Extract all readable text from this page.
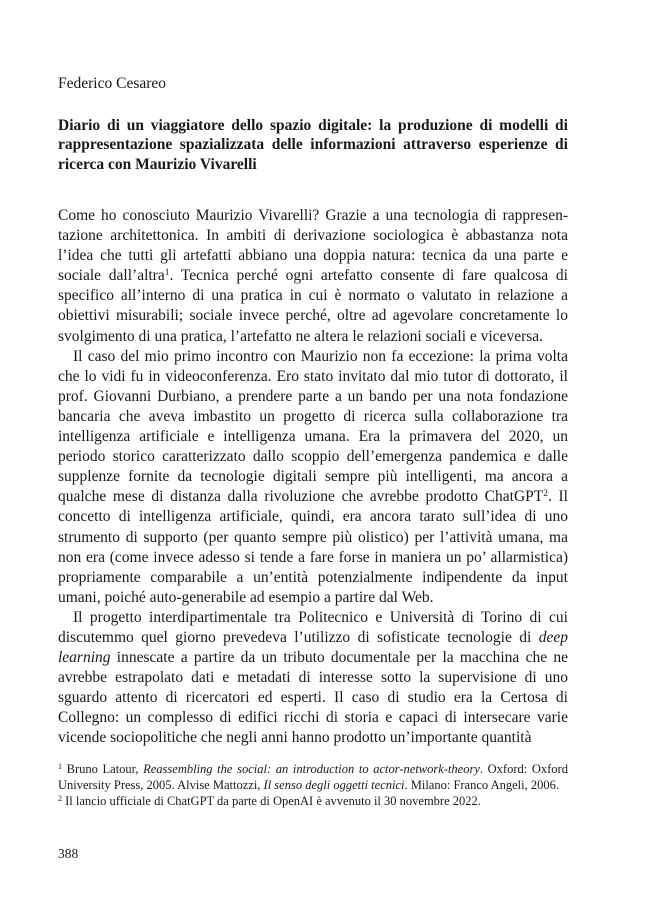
Federico Cesareo
Diario di un viaggiatore dello spazio digitale: la produzione di modelli di rappresentazione spazializzata delle informazioni attraverso esperienze di ricerca con Maurizio Vivarelli

Come ho conosciuto Maurizio Vivarelli? Grazie a una tecnologia di rappresentazione architettonica. In ambiti di derivazione sociologica è abbastanza nota l’idea che tutti gli artefatti abbiano una doppia natura: tecnica da una parte e sociale dall’altra$^1$. Tecnica perché ogni artefatto consente di fare qualcosa di specifico all’interno di una pratica in cui è normato o valutato in relazione a obiettivi misurabili; sociale invece perché, oltre ad agevolare concretamente lo svolgimento di una pratica, l’artefatto ne altera le relazioni sociali e viceversa.

Il caso del mio primo incontro con Maurizio non fa eccezione: la prima volta che lo vidi fu in videoconferenza. Ero stato invitato dal mio tutor di dottorato, il prof. Giovanni Durbiano, a prendere parte a un bando per una nota fondazione bancaria che aveva imbastito un progetto di ricerca sulla collaborazione tra intelligenza artificiale e intelligenza umana. Era la primavera del 2020, un periodo storico caratterizzato dallo scoppio dell’emergenza pandemica e dalle supplenze fornite da tecnologie digitali sempre più intelligenti, ma ancora a qualche mese di distanza dalla rivoluzione che avrebbe prodotto ChatGPT$^2$. Il concetto di intelligenza artificiale, quindi, era ancora tarato sull’idea di uno strumento di supporto (per quanto sempre più olistico) per l’attività umana, ma non era (come invece adesso si tende a fare forse in maniera un po’ allarmistica) propriamente comparabile a un’entità potenzialmente indipendente da input umani, poiché auto-generabile ad esempio a partire dal Web.

Il progetto interdipartimentale tra Politecnico e Università di Torino di cui discutemmo quel giorno prevedeva l’utilizzo di sofisticate tecnologie di deep learning innescate a partire da un tributo documentale per la macchina che ne avrebbe estrapolato dati e metadati di interesse sotto la supervisione di uno sguardo attento di ricercatori ed esperti. Il caso di studio era la Certosa di Collegno: un complesso di edifici ricchi di storia e capaci di intersecare varie vicende sociopolitiche che negli anni hanno prodotto un’importante quantità

$^1$ Bruno Latour, Reassembling the social: an introduction to actor-network-theory. Oxford: Oxford University Press, 2005. Alvise Mattozzi, Il senso degli oggetti tecnici. Milano: Franco Angeli, 2006.

$^2$ Il lancio ufficiale di ChatGPT da parte di OpenAI è avvenuto il 30 novembre 2022.

388
